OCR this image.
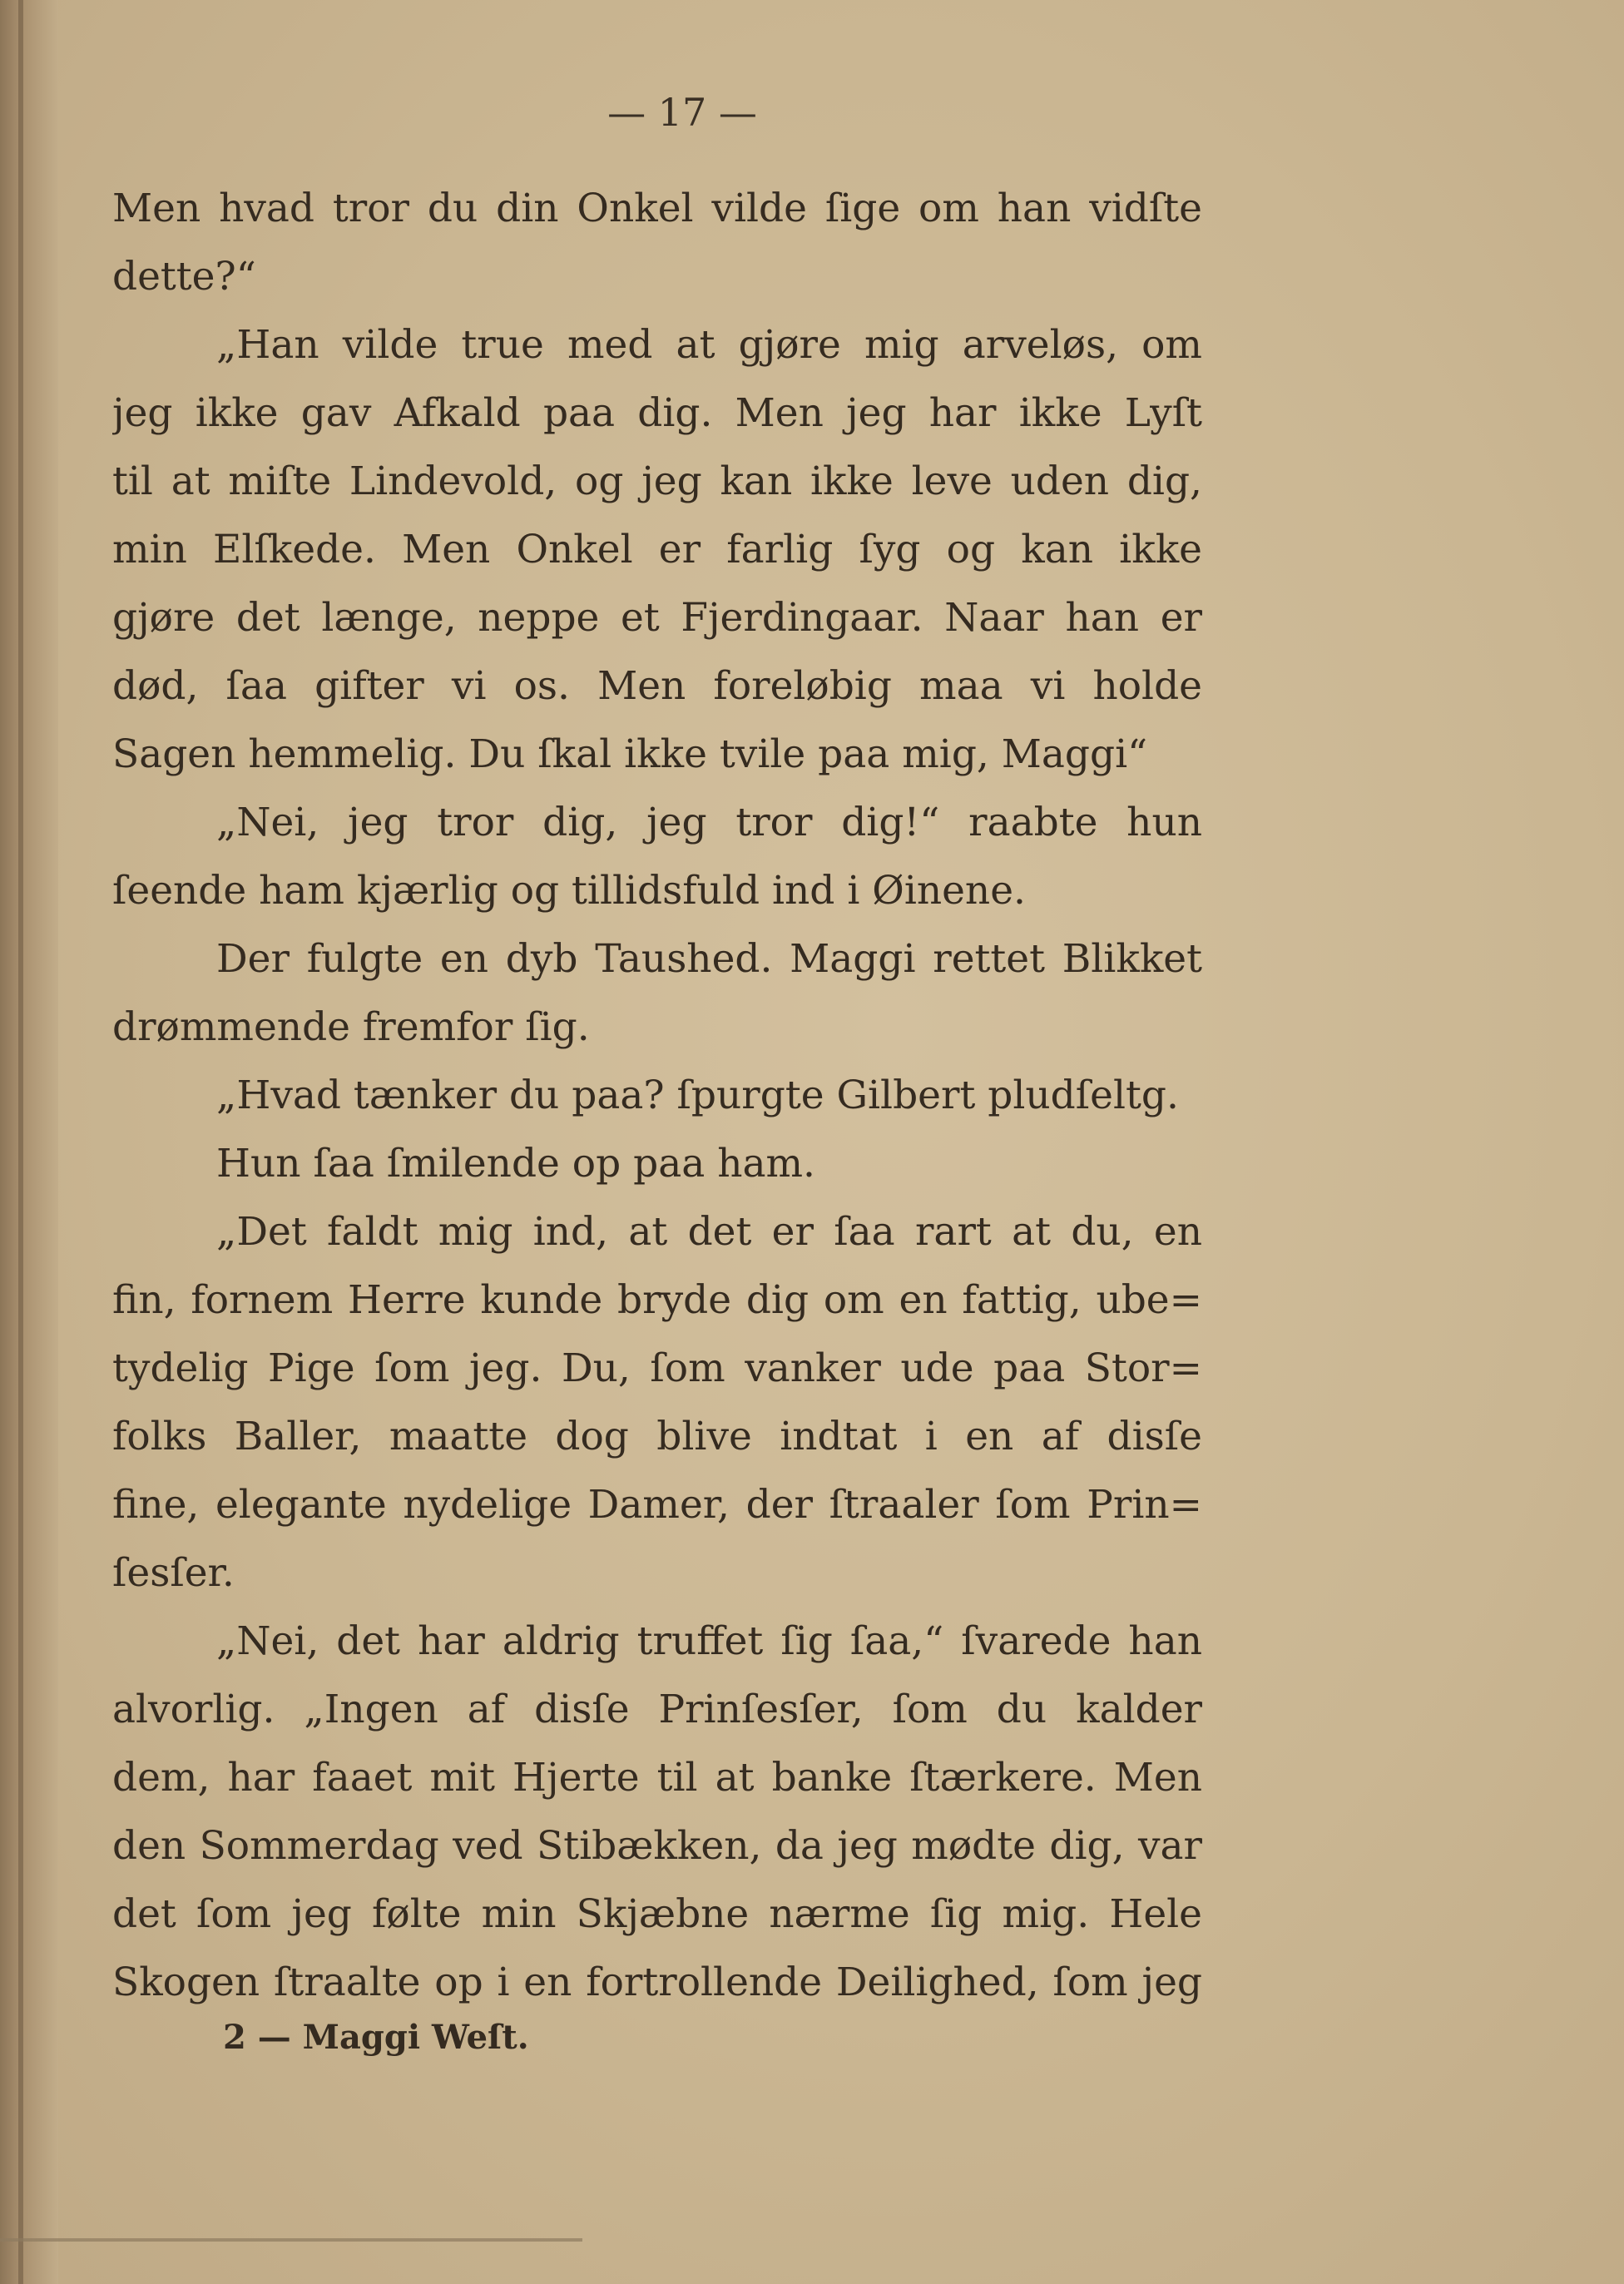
— 17 —
Men hvad tror du din Onkel vilde ſige om han vidſte
dette?“
„Han vilde true med at gjøre mig arveløs, om
jeg ikke gav Afkald paa dig. Men jeg har ikke Lyſt
til at miſte Lindevold, og jeg kan ikke leve uden dig,
min Elſkede. Men Onkel er farlig ſyg og kan ikke
gjøre det længe, neppe et Fjerdingaar. Naar han er
død, ſaa gifter vi os. Men foreløbig maa vi holde
Sagen hemmelig. Du ſkal ikke tvile paa mig, Maggi“
„Nei, jeg tror dig, jeg tror dig!“ raabte hun
ſeende ham kjærlig og tillidsfuld ind i Øinene.
Der fulgte en dyb Taushed. Maggi rettet Blikket
drømmende fremfor ſig.
„Hvad tænker du paa? ſpurgte Gilbert pludſeltg.
Hun ſaa ſmilende op paa ham.
„Det faldt mig ind, at det er ſaa rart at du, en
fin, fornem Herre kunde bryde dig om en fattig, ube=
tydelig Pige ſom jeg. Du, ſom vanker ude paa Stor=
folks Baller, maatte dog blive indtat i en af disſe
fine, elegante nydelige Damer, der ſtraaler ſom Prin=
ſesſer.
„Nei, det har aldrig truffet ſig ſaa,“ ſvarede han
alvorlig. „Ingen af disſe Prinſesſer, ſom du kalder
dem, har faaet mit Hjerte til at banke ſtærkere. Men
den Sommerdag ved Stibækken, da jeg mødte dig, var
det ſom jeg følte min Skjæbne nærme ſig mig. Hele
Skogen ſtraalte op i en fortrollende Deilighed, ſom jeg
2 — Maggi Weſt.
